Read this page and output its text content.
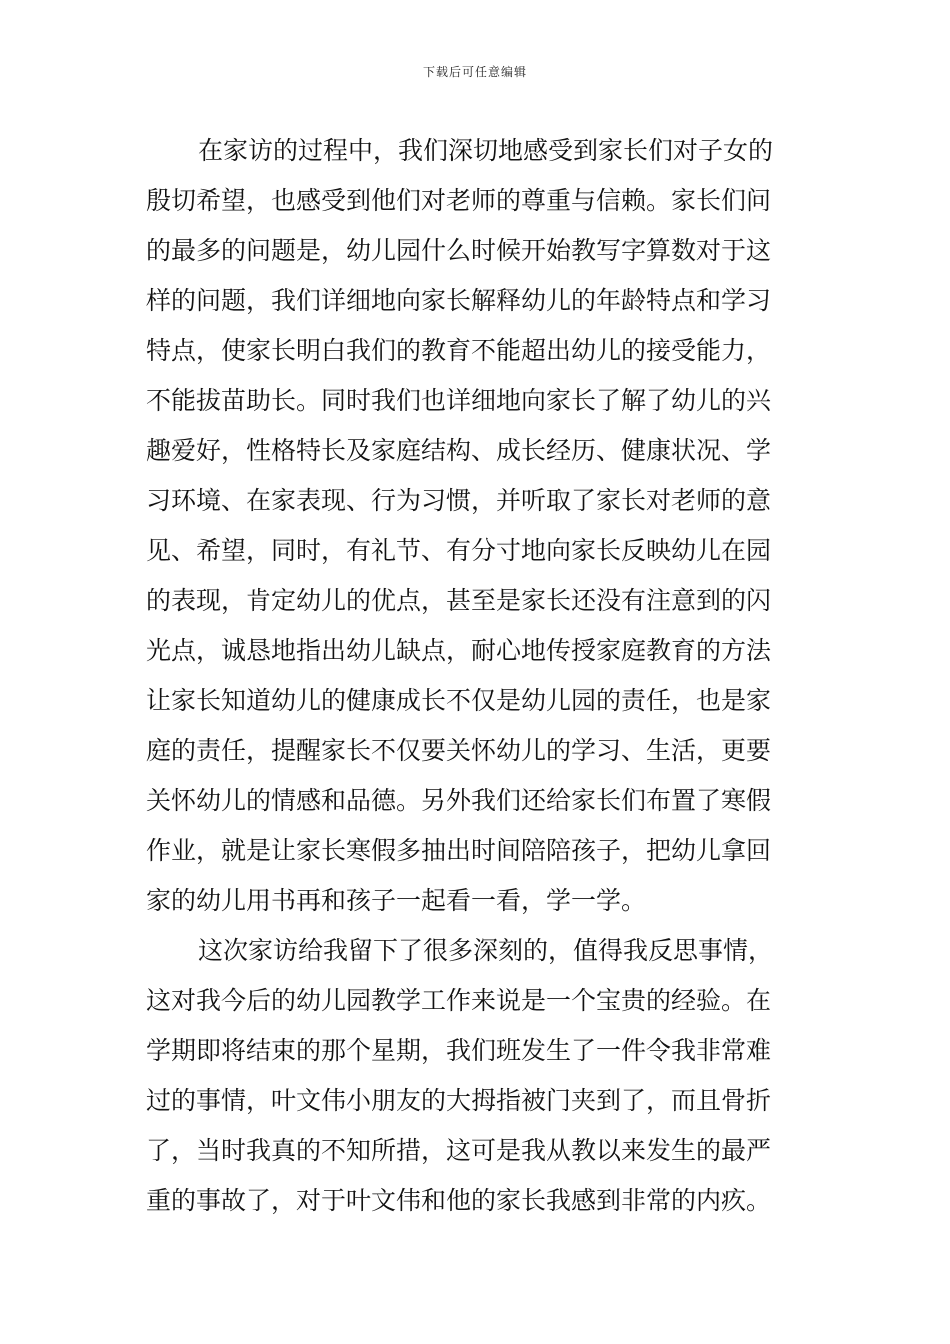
下载后可任意编辑
在家访的过程中，我们深切地感受到家长们对子女的
殷切希望，也感受到他们对老师的尊重与信赖。家长们问
的最多的问题是，幼儿园什么时候开始教写字算数对于这
样的问题，我们详细地向家长解释幼儿的年龄特点和学习
特点，使家长明白我们的教育不能超出幼儿的接受能力，
不能拔苗助长。同时我们也详细地向家长了解了幼儿的兴
趣爱好，性格特长及家庭结构、成长经历、健康状况、学
习环境、在家表现、行为习惯，并听取了家长对老师的意
见、希望，同时，有礼节、有分寸地向家长反映幼儿在园
的表现，肯定幼儿的优点，甚至是家长还没有注意到的闪
光点，诚恳地指出幼儿缺点，耐心地传授家庭教育的方法
让家长知道幼儿的健康成长不仅是幼儿园的责任，也是家
庭的责任，提醒家长不仅要关怀幼儿的学习、生活，更要
关怀幼儿的情感和品德。另外我们还给家长们布置了寒假
作业，就是让家长寒假多抽出时间陪陪孩子，把幼儿拿回
家的幼儿用书再和孩子一起看一看，学一学。
这次家访给我留下了很多深刻的，值得我反思事情，
这对我今后的幼儿园教学工作来说是一个宝贵的经验。在
学期即将结束的那个星期，我们班发生了一件令我非常难
过的事情，叶文伟小朋友的大拇指被门夹到了，而且骨折
了，当时我真的不知所措，这可是我从教以来发生的最严
重的事故了，对于叶文伟和他的家长我感到非常的内疚。
